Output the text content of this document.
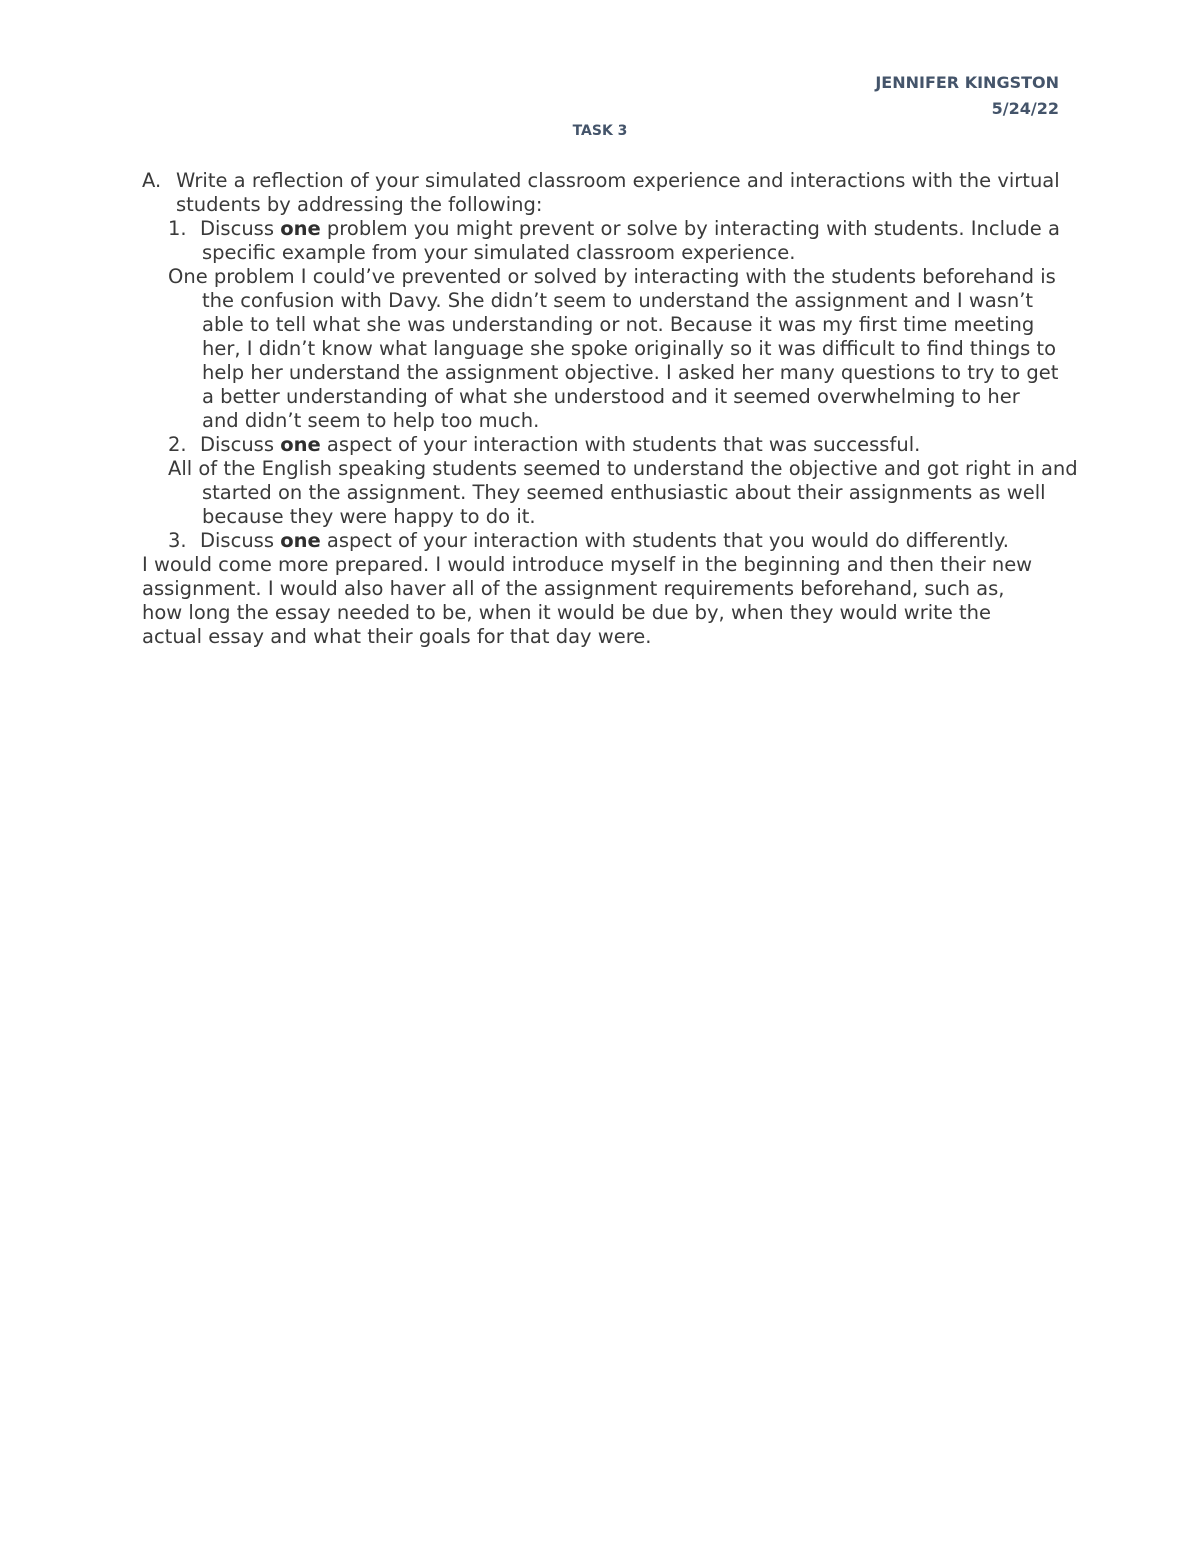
JENNIFER KINGSTON
5/24/22
TASK 3
A. Write a reflection of your simulated classroom experience and interactions with the virtual students by addressing the following:
1. Discuss one problem you might prevent or solve by interacting with students. Include a specific example from your simulated classroom experience.
One problem I could’ve prevented or solved by interacting with the students beforehand is the confusion with Davy. She didn’t seem to understand the assignment and I wasn’t able to tell what she was understanding or not. Because it was my first time meeting her, I didn’t know what language she spoke originally so it was difficult to find things to help her understand the assignment objective. I asked her many questions to try to get a better understanding of what she understood and it seemed overwhelming to her and didn’t seem to help too much.
2. Discuss one aspect of your interaction with students that was successful.
All of the English speaking students seemed to understand the objective and got right in and started on the assignment. They seemed enthusiastic about their assignments as well because they were happy to do it.
3. Discuss one aspect of your interaction with students that you would do differently.
I would come more prepared. I would introduce myself in the beginning and then their new assignment. I would also haver all of the assignment requirements beforehand, such as, how long the essay needed to be, when it would be due by, when they would write the actual essay and what their goals for that day were.
